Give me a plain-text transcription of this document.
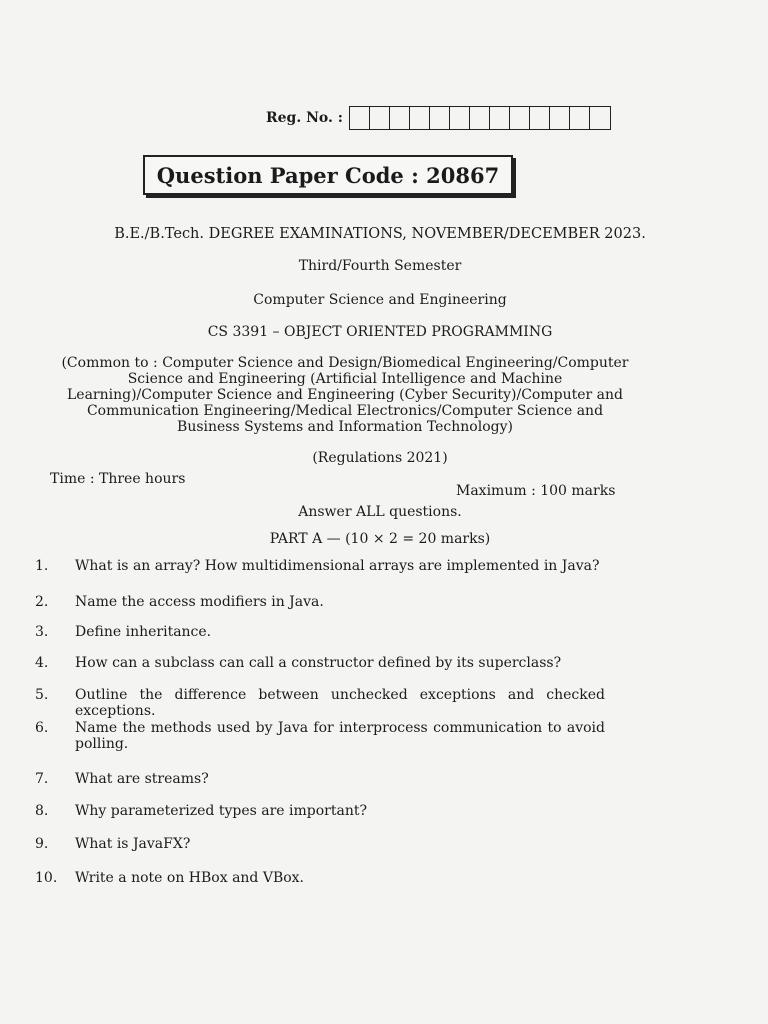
Reg. No. :
Question Paper Code : 20867
B.E./B.Tech. DEGREE EXAMINATIONS, NOVEMBER/DECEMBER 2023.
Third/Fourth Semester
Computer Science and Engineering
CS 3391 – OBJECT ORIENTED PROGRAMMING
(Common to : Computer Science and Design/Biomedical Engineering/Computer Science and Engineering (Artificial Intelligence and Machine Learning)/Computer Science and Engineering (Cyber Security)/Computer and Communication Engineering/Medical Electronics/Computer Science and Business Systems and Information Technology)
(Regulations 2021)
Time : Three hours
Maximum : 100 marks
Answer ALL questions.
PART A — (10 × 2 = 20 marks)
1. What is an array? How multidimensional arrays are implemented in Java?
2. Name the access modifiers in Java.
3. Define inheritance.
4. How can a subclass can call a constructor defined by its superclass?
5. Outline the difference between unchecked exceptions and checked exceptions.
6. Name the methods used by Java for interprocess communication to avoid polling.
7. What are streams?
8. Why parameterized types are important?
9. What is JavaFX?
10. Write a note on HBox and VBox.
